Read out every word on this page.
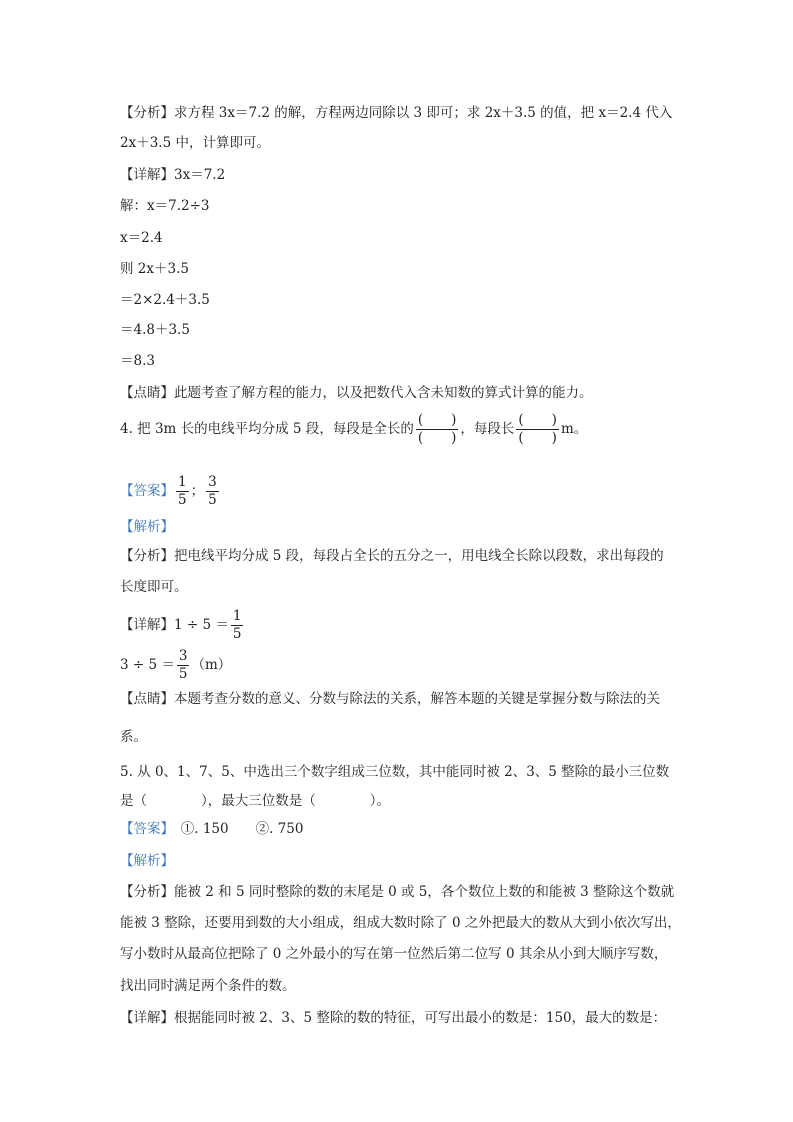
【分析】求方程 3x＝7.2 的解，方程两边同除以 3 即可；求 2x＋3.5 的值，把 x＝2.4 代入
2x＋3.5 中，计算即可。
【详解】3x＝7.2
解：x＝7.2÷3
x＝2.4
则 2x＋3.5
＝2×2.4＋3.5
＝4.8＋3.5
＝8.3
【点睛】此题考查了解方程的能力，以及把数代入含未知数的算式计算的能力。
4. 把 3m 长的电线平均分成 5 段，每段是全长的 $\frac{( )}{( )}$ ，每段长 $\frac{( )}{( )}$ m。
【答案】 $\frac{1}{5}$ ； $\frac{3}{5}$
【解析】
【分析】把电线平均分成 5 段，每段占全长的五分之一，用电线全长除以段数，求出每段的
长度即可。
【详解】$1 \div 5 = \frac{1}{5}$
$3 \div 5 = \frac{3}{5} (m)$
【点睛】本题考查分数的意义、分数与除法的关系，解答本题的关键是掌握分数与除法的关
系。
5. 从 0、1、7、5、中选出三个数字组成三位数，其中能同时被 2、3、5 整除的最小三位数
是（　　　　），最大三位数是（　　　　）。
【答案】　①. 150　　②. 750
【解析】
【分析】能被 2 和 5 同时整除的数的末尾是 0 或 5，各个数位上数的和能被 3 整除这个数就
能被 3 整除，还要用到数的大小组成，组成大数时除了 0 之外把最大的数从大到小依次写出，
写小数时从最高位把除了 0 之外最小的写在第一位然后第二位写 0 其余从小到大顺序写数，
找出同时满足两个条件的数。
【详解】根据能同时被 2、3、5 整除的数的特征，可写出最小的数是：150，最大的数是：
